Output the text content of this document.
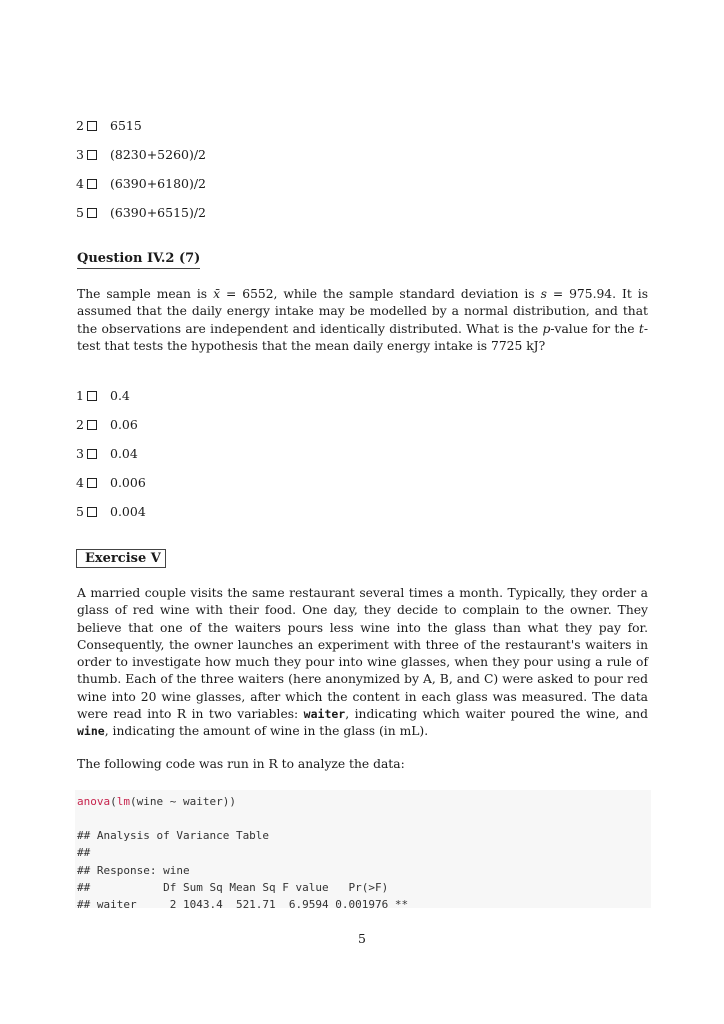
2 6515
3 (8230+5260)/2
4 (6390+6180)/2
5 (6390+6515)/2
Question IV.2 (7)
The sample mean is x̄ = 6552, while the sample standard deviation is s = 975.94. It is assumed that the daily energy intake may be modelled by a normal distribution, and that the observations are independent and identically distributed. What is the p-value for the t-test that tests the hypothesis that the mean daily energy intake is 7725 kJ?
1 0.4
2 0.06
3 0.04
4 0.006
5 0.004
Exercise V
A married couple visits the same restaurant several times a month. Typically, they order a glass of red wine with their food. One day, they decide to complain to the owner. They believe that one of the waiters pours less wine into the glass than what they pay for. Consequently, the owner launches an experiment with three of the restaurant's waiters in order to investigate how much they pour into wine glasses, when they pour using a rule of thumb. Each of the three waiters (here anonymized by A, B, and C) were asked to pour red wine into 20 wine glasses, after which the content in each glass was measured. The data were read into R in two variables: waiter, indicating which waiter poured the wine, and wine, indicating the amount of wine in the glass (in mL).
The following code was run in R to analyze the data:
anova(lm(wine ~ waiter))
## Analysis of Variance Table
##
## Response: wine
##           Df Sum Sq Mean Sq F value   Pr(>F)
## waiter     2 1043.4  521.71  6.9594 0.001976 **
5
